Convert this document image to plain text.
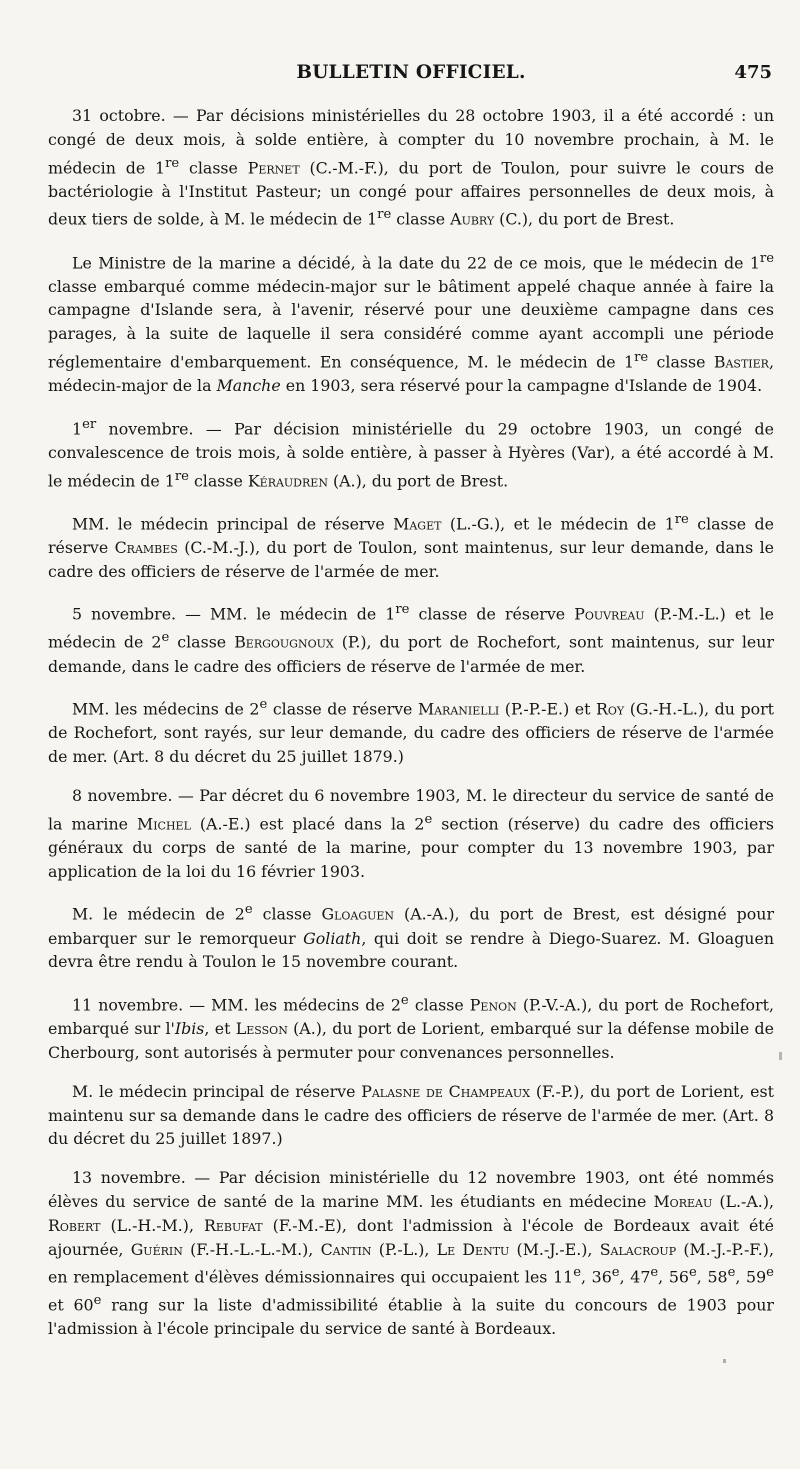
BULLETIN OFFICIEL.	475

31 octobre. — Par décisions ministérielles du 28 octobre 1903, il a été accordé : un congé de deux mois, à solde entière, à compter du 10 novembre prochain, à M. le médecin de 1re classe Pernet (C.-M.-F.), du port de Toulon, pour suivre le cours de bactériologie à l'Institut Pasteur; un congé pour affaires personnelles de deux mois, à deux tiers de solde, à M. le médecin de 1re classe Aubry (C.), du port de Brest.

Le Ministre de la marine a décidé, à la date du 22 de ce mois, que le médecin de 1re classe embarqué comme médecin-major sur le bâtiment appelé chaque année à faire la campagne d'Islande sera, à l'avenir, réservé pour une deuxième campagne dans ces parages, à la suite de laquelle il sera considéré comme ayant accompli une période réglementaire d'embarquement. En conséquence, M. le médecin de 1re classe Bastier, médecin-major de la Manche en 1903, sera réservé pour la campagne d'Islande de 1904.

1er novembre. — Par décision ministérielle du 29 octobre 1903, un congé de convalescence de trois mois, à solde entière, à passer à Hyères (Var), a été accordé à M. le médecin de 1re classe Kéraudren (A.), du port de Brest.

MM. le médecin principal de réserve Maget (L.-G.), et le médecin de 1re classe de réserve Crambes (C.-M.-J.), du port de Toulon, sont maintenus, sur leur demande, dans le cadre des officiers de réserve de l'armée de mer.

5 novembre. — MM. le médecin de 1re classe de réserve Pouvreau (P.-M.-L.) et le médecin de 2e classe Bergougnoux (P.), du port de Rochefort, sont maintenus, sur leur demande, dans le cadre des officiers de réserve de l'armée de mer.

MM. les médecins de 2e classe de réserve Maranielli (P.-P.-E.) et Roy (G.-H.-L.), du port de Rochefort, sont rayés, sur leur demande, du cadre des officiers de réserve de l'armée de mer. (Art. 8 du décret du 25 juillet 1879.)

8 novembre. — Par décret du 6 novembre 1903, M. le directeur du service de santé de la marine Michel (A.-E.) est placé dans la 2e section (réserve) du cadre des officiers généraux du corps de santé de la marine, pour compter du 13 novembre 1903, par application de la loi du 16 février 1903.

M. le médecin de 2e classe Gloaguen (A.-A.), du port de Brest, est désigné pour embarquer sur le remorqueur Goliath, qui doit se rendre à Diego-Suarez. M. Gloaguen devra être rendu à Toulon le 15 novembre courant.

11 novembre. — MM. les médecins de 2e classe Penon (P.-V.-A.), du port de Rochefort, embarqué sur l'Ibis, et Lesson (A.), du port de Lorient, embarqué sur la défense mobile de Cherbourg, sont autorisés à permuter pour convenances personnelles.

M. le médecin principal de réserve Palasne de Champeaux (F.-P.), du port de Lorient, est maintenu sur sa demande dans le cadre des officiers de réserve de l'armée de mer. (Art. 8 du décret du 25 juillet 1897.)

13 novembre. — Par décision ministérielle du 12 novembre 1903, ont été nommés élèves du service de santé de la marine MM. les étudiants en médecine Moreau (L.-A.), Robert (L.-H.-M.), Rebufat (F.-M.-E), dont l'admission à l'école de Bordeaux avait été ajournée, Guérin (F.-H.-L.-L.-M.), Cantin (P.-L.), Le Dentu (M.-J.-E.), Salacroup (M.-J.-P.-F.), en remplacement d'élèves démissionnaires qui occupaient les 11e, 36e, 47e, 56e, 58e, 59e et 60e rang sur la liste d'admissibilité établie à la suite du concours de 1903 pour l'admission à l'école principale du service de santé à Bordeaux.
